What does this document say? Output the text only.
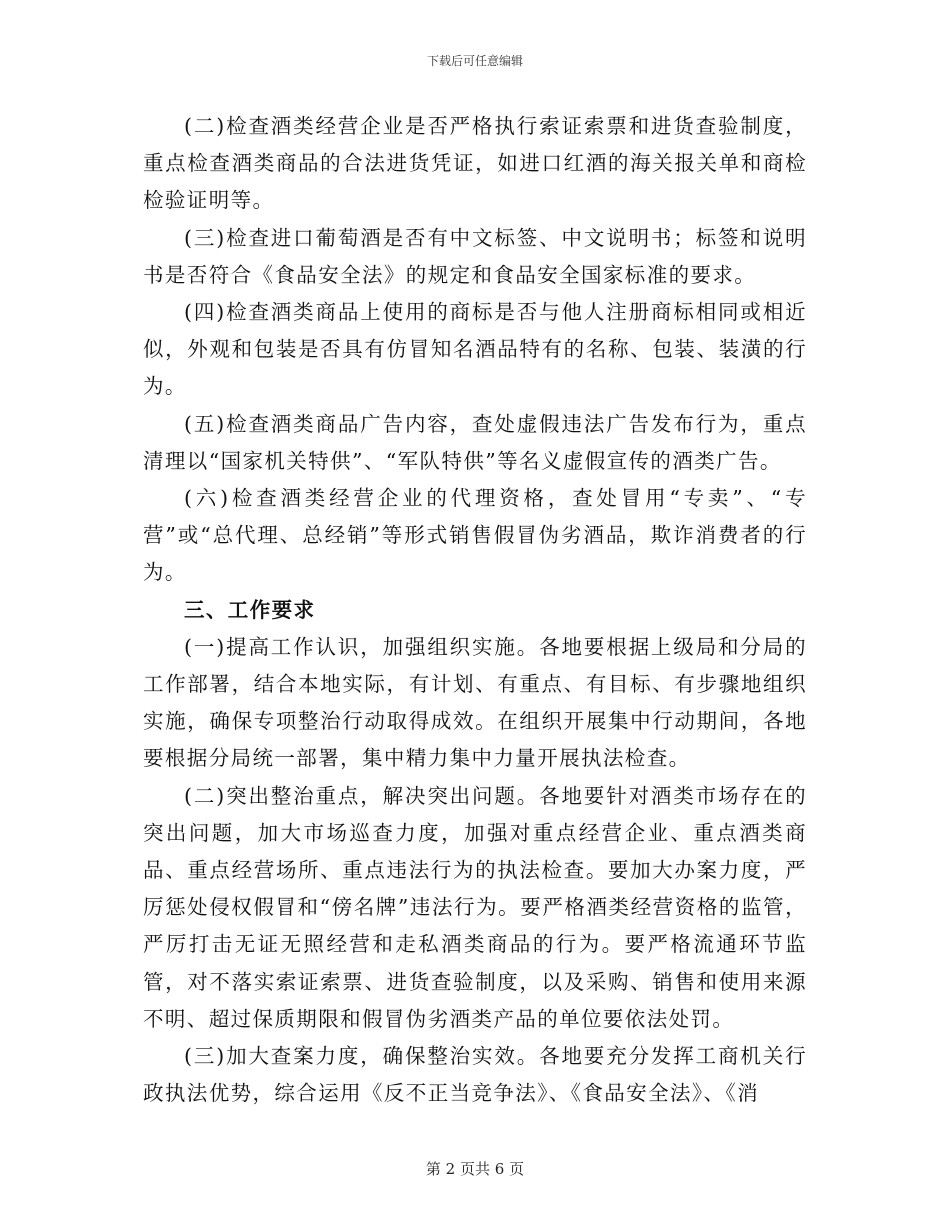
下载后可任意编辑

(二)检查酒类经营企业是否严格执行索证索票和进货查验制度，重点检查酒类商品的合法进货凭证，如进口红酒的海关报关单和商检检验证明等。

(三)检查进口葡萄酒是否有中文标签、中文说明书；标签和说明书是否符合《食品安全法》的规定和食品安全国家标准的要求。

(四)检查酒类商品上使用的商标是否与他人注册商标相同或相近似，外观和包装是否具有仿冒知名酒品特有的名称、包装、装潢的行为。

(五)检查酒类商品广告内容，查处虚假违法广告发布行为，重点清理以“国家机关特供”、“军队特供”等名义虚假宣传的酒类广告。

(六)检查酒类经营企业的代理资格，查处冒用“专卖”、“专营”或“总代理、总经销”等形式销售假冒伪劣酒品，欺诈消费者的行为。

三、工作要求

(一)提高工作认识，加强组织实施。各地要根据上级局和分局的工作部署，结合本地实际，有计划、有重点、有目标、有步骤地组织实施，确保专项整治行动取得成效。在组织开展集中行动期间，各地要根据分局统一部署，集中精力集中力量开展执法检查。

(二)突出整治重点，解决突出问题。各地要针对酒类市场存在的突出问题，加大市场巡查力度，加强对重点经营企业、重点酒类商品、重点经营场所、重点违法行为的执法检查。要加大办案力度，严厉惩处侵权假冒和“傍名牌”违法行为。要严格酒类经营资格的监管，严厉打击无证无照经营和走私酒类商品的行为。要严格流通环节监管，对不落实索证索票、进货查验制度，以及采购、销售和使用来源不明、超过保质期限和假冒伪劣酒类产品的单位要依法处罚。

(三)加大查案力度，确保整治实效。各地要充分发挥工商机关行政执法优势，综合运用《反不正当竞争法》、《食品安全法》、《消

第 2 页共 6 页
